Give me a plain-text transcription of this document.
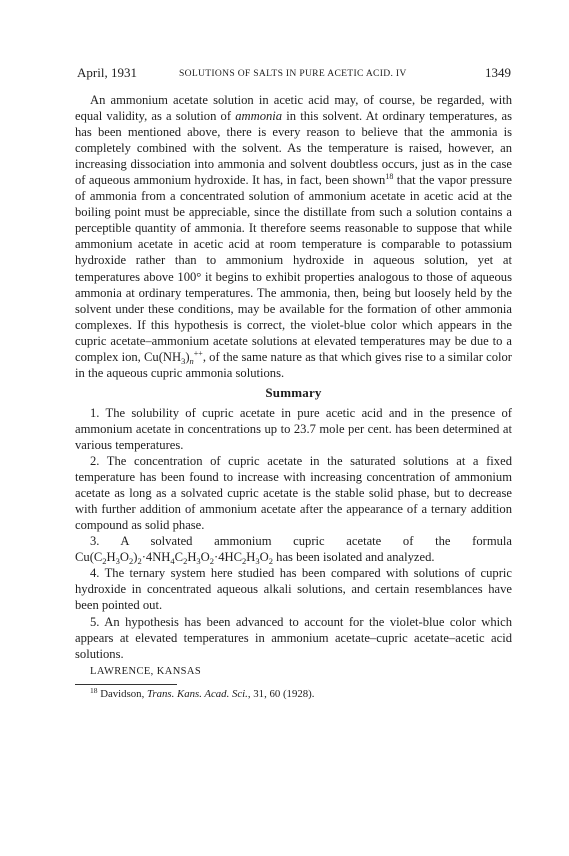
April, 1931	SOLUTIONS OF SALTS IN PURE ACETIC ACID. IV	1349

An ammonium acetate solution in acetic acid may, of course, be regarded, with equal validity, as a solution of ammonia in this solvent. At ordinary temperatures, as has been mentioned above, there is every reason to believe that the ammonia is completely combined with the solvent. As the temperature is raised, however, an increasing dissociation into ammonia and solvent doubtless occurs, just as in the case of aqueous ammonium hydroxide. It has, in fact, been shown$^{18}$ that the vapor pressure of ammonia from a concentrated solution of ammonium acetate in acetic acid at the boiling point must be appreciable, since the distillate from such a solution contains a perceptible quantity of ammonia. It therefore seems reasonable to suppose that while ammonium acetate in acetic acid at room temperature is comparable to potassium hydroxide rather than to ammonium hydroxide in aqueous solution, yet at temperatures above 100° it begins to exhibit properties analogous to those of aqueous ammonia at ordinary temperatures. The ammonia, then, being but loosely held by the solvent under these conditions, may be available for the formation of other ammonia complexes. If this hypothesis is correct, the violet-blue color which appears in the cupric acetate–ammonium acetate solutions at elevated temperatures may be due to a complex ion, $Cu(NH_3)_n^{++}$, of the same nature as that which gives rise to a similar color in the aqueous cupric ammonia solutions.

Summary

1. The solubility of cupric acetate in pure acetic acid and in the presence of ammonium acetate in concentrations up to 23.7 mole per cent. has been determined at various temperatures.

2. The concentration of cupric acetate in the saturated solutions at a fixed temperature has been found to increase with increasing concentration of ammonium acetate as long as a solvated cupric acetate is the stable solid phase, but to decrease with further addition of ammonium acetate after the appearance of a ternary addition compound as solid phase.

3. A solvated ammonium cupric acetate of the formula $Cu(C_2H_3O_2)_2\cdot 4NH_4C_2H_3O_2\cdot 4HC_2H_3O_2$ has been isolated and analyzed.

4. The ternary system here studied has been compared with solutions of cupric hydroxide in concentrated aqueous alkali solutions, and certain resemblances have been pointed out.

5. An hypothesis has been advanced to account for the violet-blue color which appears at elevated temperatures in ammonium acetate–cupric acetate–acetic acid solutions.

LAWRENCE, KANSAS

$^{18}$ Davidson, Trans. Kans. Acad. Sci., 31, 60 (1928).
